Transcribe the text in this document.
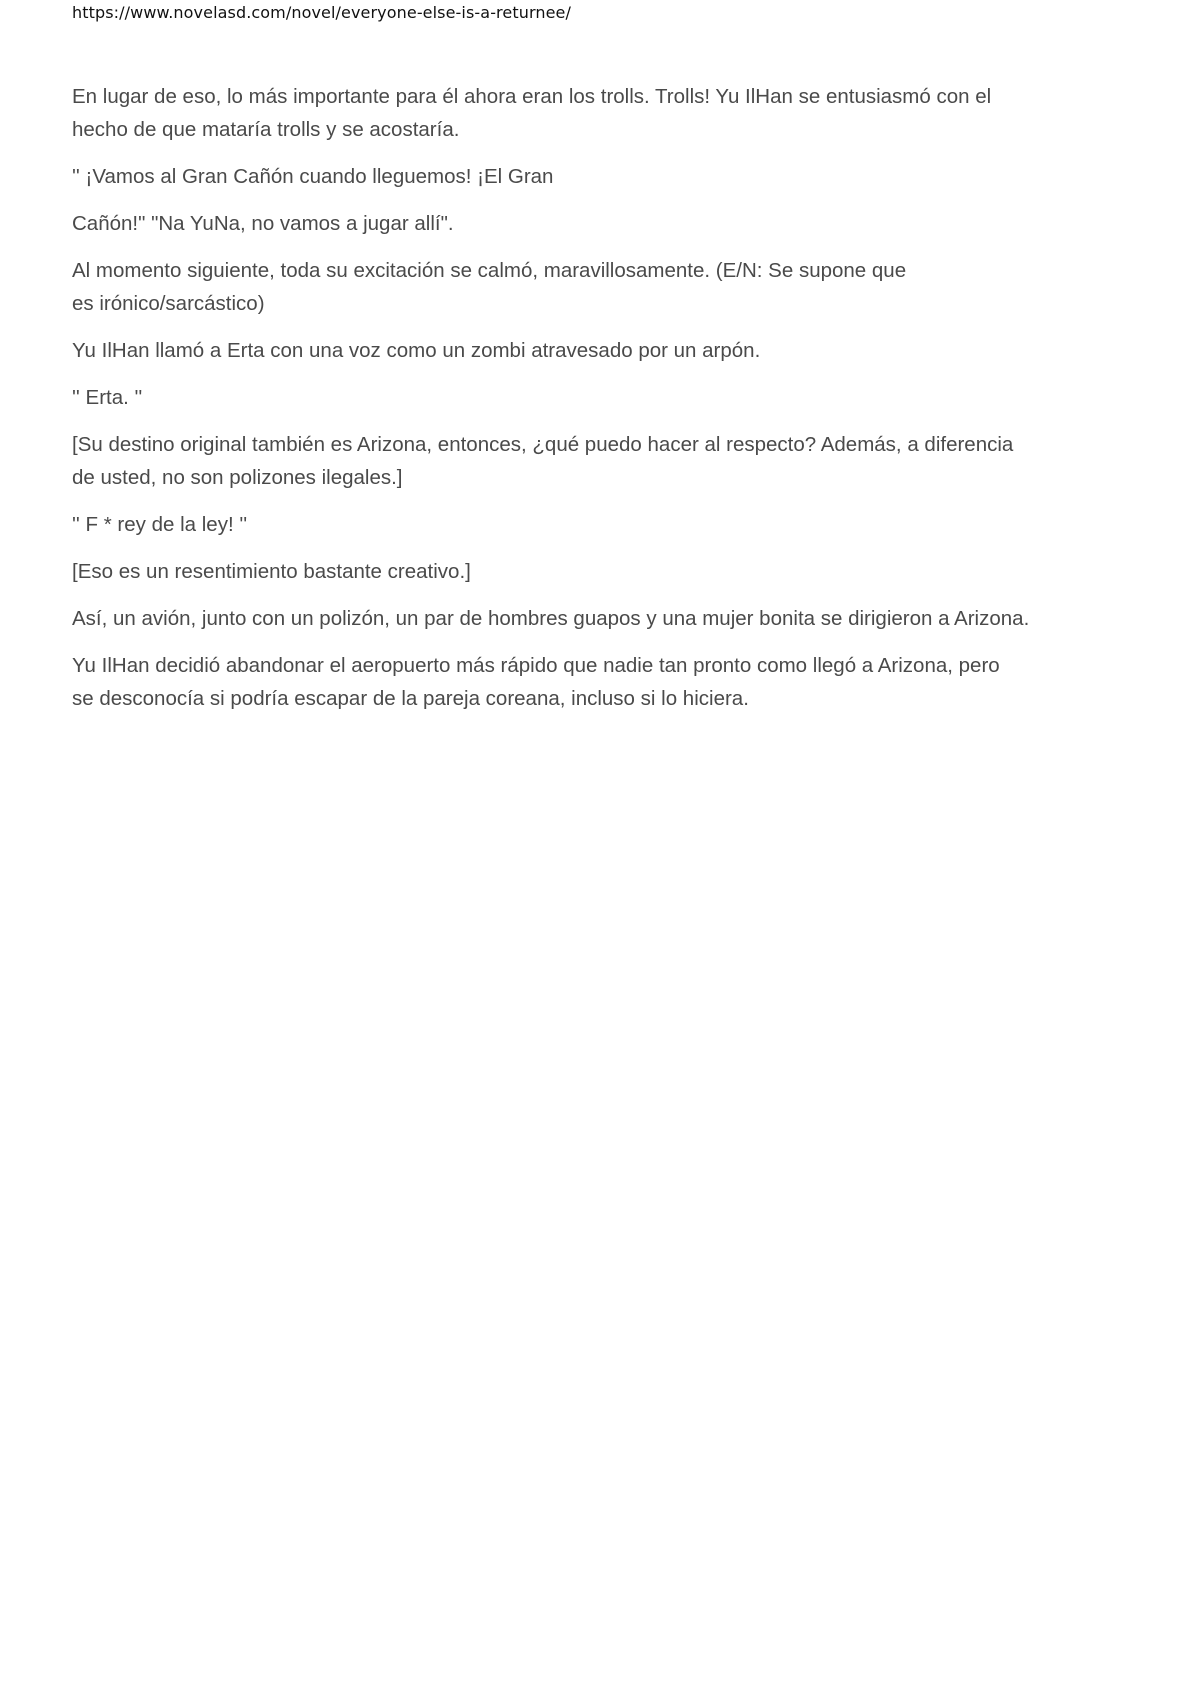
https://www.novelasd.com/novel/everyone-else-is-a-returnee/

En lugar de eso, lo más importante para él ahora eran los trolls. Trolls! Yu IlHan se entusiasmó con el
hecho de que mataría trolls y se acostaría.

'' ¡Vamos al Gran Cañón cuando lleguemos! ¡El Gran

Cañón!" "Na YuNa, no vamos a jugar allí".

Al momento siguiente, toda su excitación se calmó, maravillosamente. (E/N: Se supone que
es irónico/sarcástico)

Yu IlHan llamó a Erta con una voz como un zombi atravesado por un arpón.

'' Erta. ''

[Su destino original también es Arizona, entonces, ¿qué puedo hacer al respecto? Además, a diferencia
de usted, no son polizones ilegales.]

'' F * rey de la ley! ''

[Eso es un resentimiento bastante creativo.]

Así, un avión, junto con un polizón, un par de hombres guapos y una mujer bonita se dirigieron a Arizona.

Yu IlHan decidió abandonar el aeropuerto más rápido que nadie tan pronto como llegó a Arizona, pero
se desconocía si podría escapar de la pareja coreana, incluso si lo hiciera.
